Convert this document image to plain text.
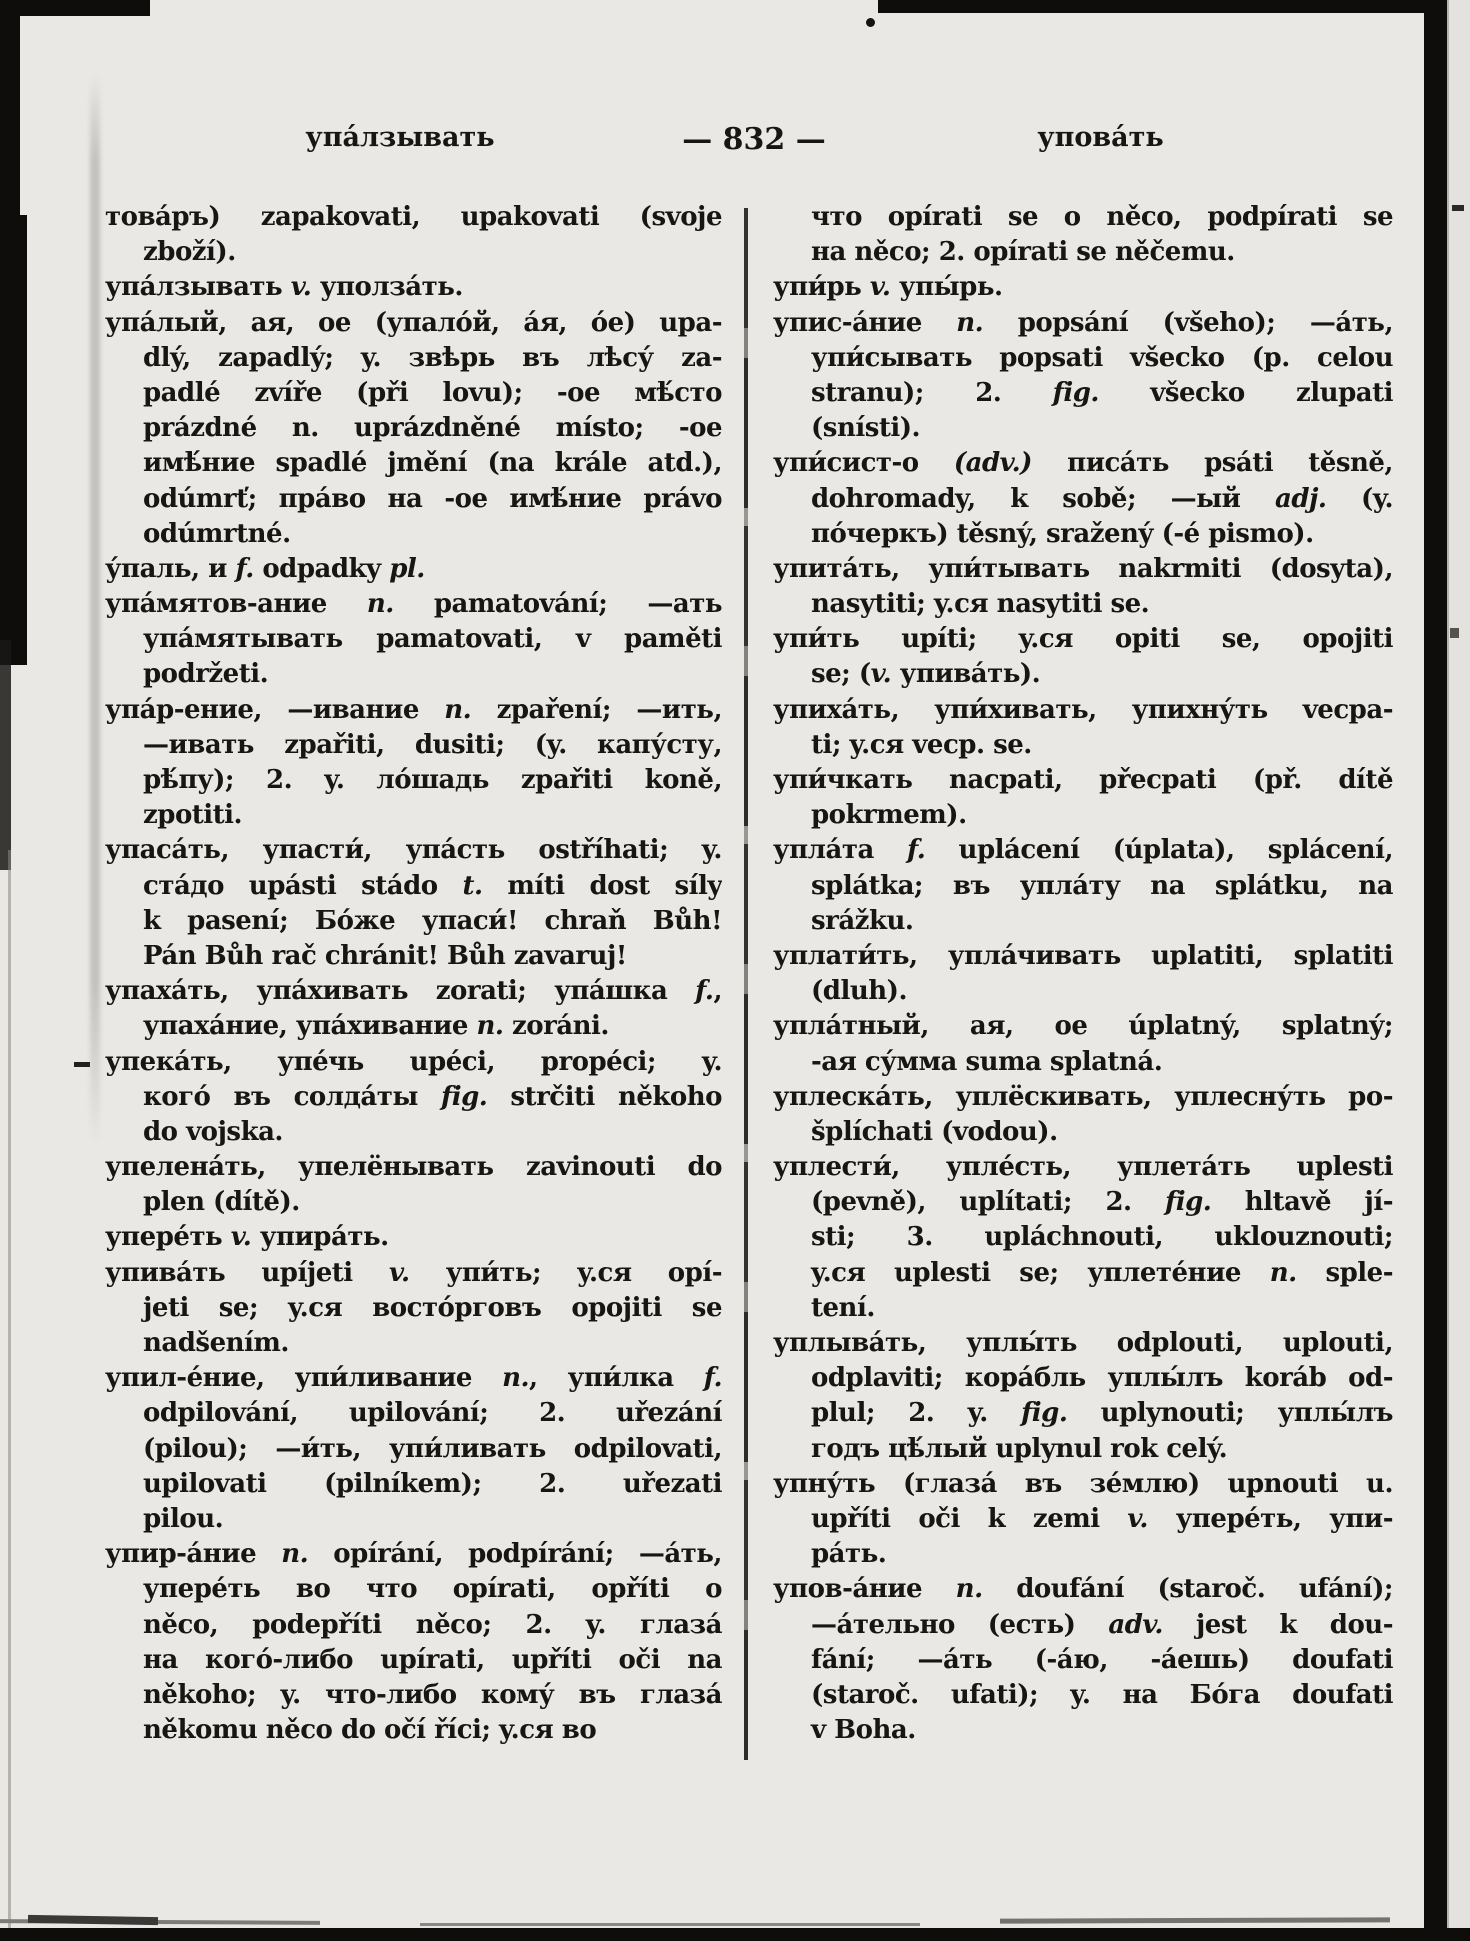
упа́лзывать	— 832 —	упова́ть
това́ръ) zapakovati, upakovati (svoje
zboží).
упа́лзывать v. уполза́ть.
упа́лый, ая, ое (упало́й, а́я, о́е) upa-
dlý, zapadlý; y. звѣрь въ лѣсу́ za-
padlé zvíře (při lovu); -ое мѣ́сто
prázdné n. uprázdněné místo; -ое
имѣ́ние spadlé jmění (na krále atd.),
odúmrť; пра́во на -ое имѣ́ние právo
odúmrtné.
у́паль, и f. odpadky pl.
упа́мятов-ание n. pamatování; —ать
упа́мятывать pamatovati, v paměti
podržeti.
упа́р-ение, —ивание n. zpaření; —ить,
—ивать zpařiti, dusiti; (y. капу́сту,
рѣ́пу); 2. y. ло́шадь zpařiti koně,
zpotiti.
упаса́ть, упасти́, упа́сть ostříhati; y.
ста́до upásti stádo t. míti dost síly
k pasení; Бо́же упаси́! chraň Bůh!
Pán Bůh rač chránit! Bůh zavaruj!
упаха́ть, упа́хивать zorati; упа́шка f.,
упаха́ние, упа́хивание n. zoráni.
упека́ть, упе́чь upéci, propéci; y.
кого́ въ солда́ты fig. strčiti někoho
do vojska.
упелена́ть, упелёнывать zavinouti do
plen (dítě).
упере́ть v. упира́ть.
упива́ть upíjeti v. упи́ть; y.ся opí-
jeti se; y.ся восто́рговъ opojiti se
nadšením.
упил-е́ние, упи́ливание n., упи́лка f.
odpilování, upilování; 2. uřezání
(pilou); —и́ть, упи́ливать odpilovati,
upilovati (pilníkem); 2. uřezati
pilou.
упир-а́ние n. opírání, podpírání; —а́ть,
упере́ть во что opírati, opříti o
něco, podepříti něco; 2. y. глаза́
на кого́-либо upírati, upříti oči na
někoho; y. что-либо кому́ въ глаза́
někomu něco do očí říci; y.ся во
что opírati se o něco, podpírati se
на něco; 2. opírati se něčemu.
упи́рь v. упы́рь.
упис-а́ние n. popsání (všeho); —а́ть,
упи́сывать popsati všecko (p. celou
stranu); 2. fig. všecko zlupati
(snísti).
упи́сист-о (adv.) писа́ть psáti těsně,
dohromady, k sobě; —ый adj. (y.
по́черкъ) těsný, sražený (-é pismo).
упита́ть, упи́тывать nakrmiti (dosyta),
nasytiti; y.ся nasytiti se.
упи́ть upíti; y.ся opiti se, opojiti
se; (v. упива́ть).
упиха́ть, упи́хивать, упихну́ть vecpa-
ti; y.ся vecp. se.
упи́чкать nacpati, přecpati (př. dítě
pokrmem).
упла́та f. uplácení (úplata), splácení,
splátka; въ упла́ту na splátku, na
srážku.
уплати́ть, упла́чивать uplatiti, splatiti
(dluh).
упла́тный, ая, ое úplatný, splatný;
-ая су́мма suma splatná.
уплеска́ть, уплёскивать, уплесну́ть po-
šplíchati (vodou).
уплести́, упле́сть, уплета́ть uplesti
(pevně), uplítati; 2. fig. hltavě jí-
sti; 3. upláchnouti, uklouznouti;
y.ся uplesti se; уплете́ние n. sple-
tení.
уплыва́ть, уплы́ть odplouti, uplouti,
odplaviti; кора́бль уплы́лъ koráb od-
plul; 2. y. fig. uplynouti; уплы́лъ
годъ цѣ́лый uplynul rok celý.
упну́ть (глаза́ въ зе́млю) upnouti u.
upříti oči k zemi v. упере́ть, упи-
ра́ть.
упов-а́ние n. doufání (staroč. ufání);
—а́тельно (есть) adv. jest k dou-
fání; —а́ть (-а́ю, -а́ешь) doufati
(staroč. ufati); y. на Бо́га doufati
v Boha.
